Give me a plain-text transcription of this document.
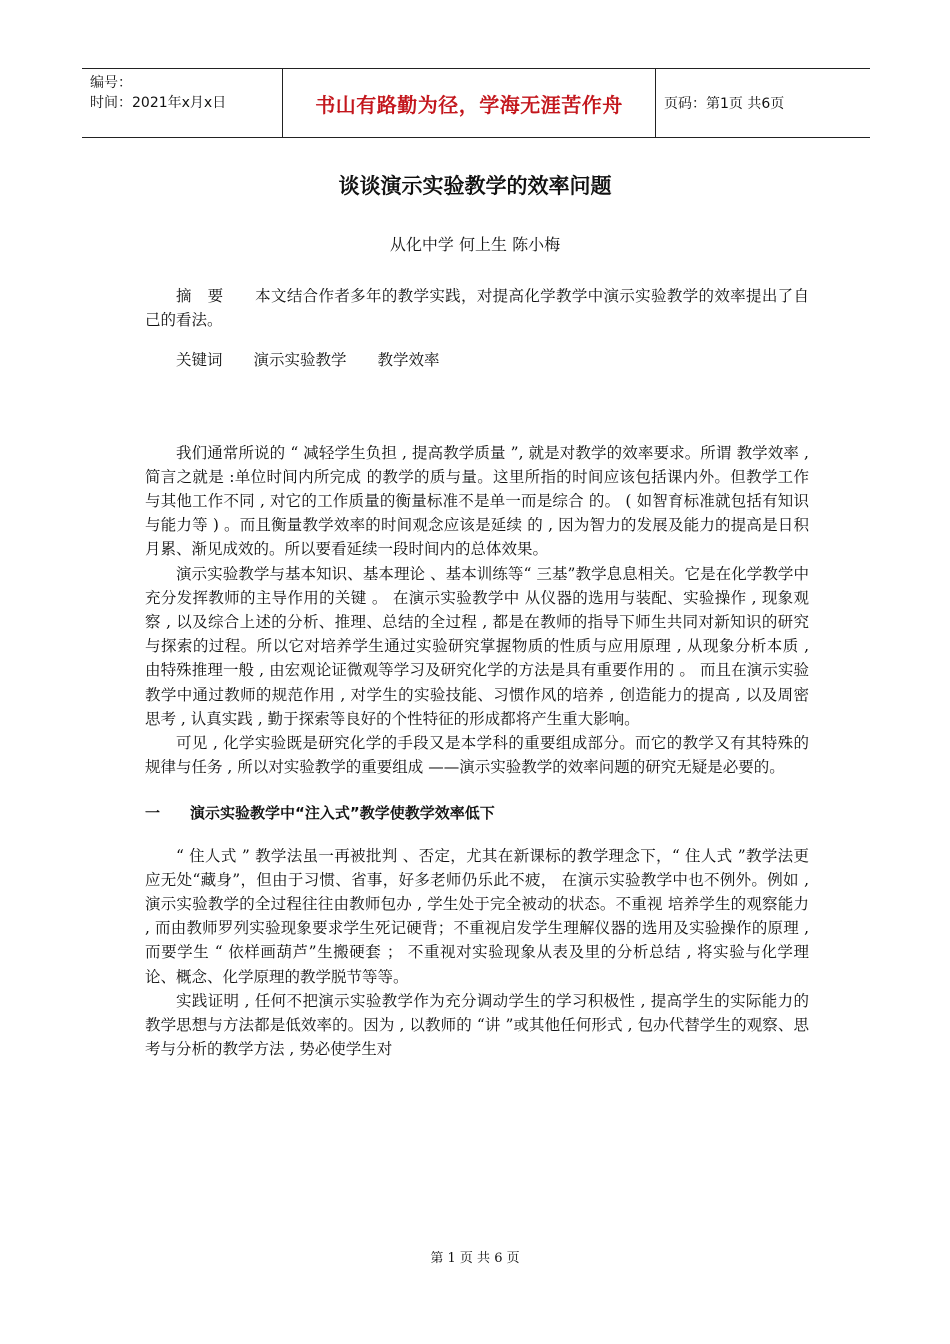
编号：
时间：2021年x月x日	书山有路勤为径，学海无涯苦作舟	页码：第1页 共6页
谈谈演示实验教学的效率问题
从化中学 何上生 陈小梅

摘　要　　本文结合作者多年的教学实践，对提高化学教学中演示实验教学的效率提出了自己的看法。

关键词　　演示实验教学　　教学效率

我们通常所说的 “ 减轻学生负担 , 提高教学质量 ”, 就是对教学的效率要求。所谓 教学效率 , 简言之就是 :单位时间内所完成 的教学的质与量。这里所指的时间应该包括课内外。但教学工作与其他工作不同 , 对它的工作质量的衡量标准不是单一而是综合 的。 ( 如智育标准就包括有知识与能力等 ) 。而且衡量教学效率的时间观念应该是延续 的 , 因为智力的发展及能力的提高是日积月累、渐见成效的。所以要看延续一段时间内的总体效果。

演示实验教学与基本知识、基本理论 、基本训练等“ 三基”教学息息相关。它是在化学教学中充分发挥教师的主导作用的关键 。 在演示实验教学中 从仪器的选用与装配、实验操作 , 现象观察 , 以及综合上述的分析、推理、总结的全过程 , 都是在教师的指导下师生共同对新知识的研究与探索的过程。所以它对培养学生通过实验研究掌握物质的性质与应用原理 , 从现象分析本质 , 由特殊推理一般 , 由宏观论证微观等学习及研究化学的方法是具有重要作用的 。 而且在演示实验教学中通过教师的规范作用 , 对学生的实验技能、习惯作风的培养 , 创造能力的提高 , 以及周密思考 , 认真实践 , 勤于探索等良好的个性特征的形成都将产生重大影响。

可见 , 化学实验既是研究化学的手段又是本学科的重要组成部分。而它的教学又有其特殊的规律与任务 , 所以对实验教学的重要组成 ——演示实验教学的效率问题的研究无疑是必要的。

一　　演示实验教学中“注入式”教学使教学效率低下

“ 住人式 ” 教学法虽一再被批判 、否定，尤其在新课标的教学理念下，“ 住人式 ”教学法更应无处“藏身”，但由于习惯、省事，好多老师仍乐此不疲， 在演示实验教学中也不例外。例如 , 演示实验教学的全过程往往由教师包办 , 学生处于完全被动的状态。不重视 培养学生的观察能力 , 而由教师罗列实验现象要求学生死记硬背；不重视启发学生理解仪器的选用及实验操作的原理 , 而要学生 “ 依样画葫芦”生搬硬套 ； 不重视对实验现象从表及里的分析总结 , 将实验与化学理论、概念、化学原理的教学脱节等等。

实践证明 , 任何不把演示实验教学作为充分调动学生的学习积极性 , 提高学生的实际能力的教学思想与方法都是低效率的。因为 , 以教师的 “讲 ”或其他任何形式 , 包办代替学生的观察、思考与分析的教学方法 , 势必使学生对

第 1 页 共 6 页
